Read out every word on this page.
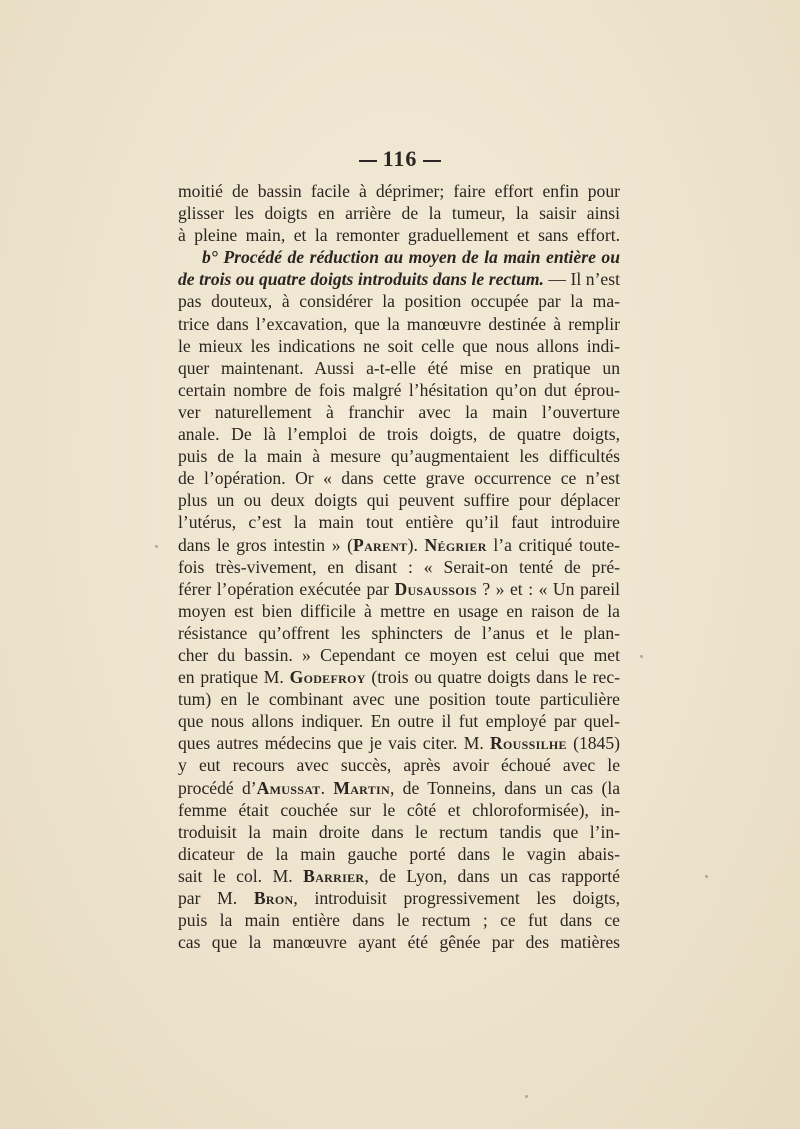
116
moitié de bassin facile à déprimer; faire effort enfin pour
glisser les doigts en arrière de la tumeur, la saisir ainsi
à pleine main, et la remonter graduellement et sans effort.
b° Procédé de réduction au moyen de la main entière ou
de trois ou quatre doigts introduits dans le rectum. — Il n’est
pas douteux, à considérer la position occupée par la ma-
trice dans l’excavation, que la manœuvre destinée à remplir
le mieux les indications ne soit celle que nous allons indi-
quer maintenant. Aussi a-t-elle été mise en pratique un
certain nombre de fois malgré l’hésitation qu’on dut éprou-
ver naturellement à franchir avec la main l’ouverture
anale. De là l’emploi de trois doigts, de quatre doigts,
puis de la main à mesure qu’augmentaient les difficultés
de l’opération. Or « dans cette grave occurrence ce n’est
plus un ou deux doigts qui peuvent suffire pour déplacer
l’utérus, c’est la main tout entière qu’il faut introduire
dans le gros intestin » (Parent). Négrier l’a critiqué toute-
fois très-vivement, en disant : « Serait-on tenté de pré-
férer l’opération exécutée par Dusaussois ? » et : « Un pareil
moyen est bien difficile à mettre en usage en raison de la
résistance qu’offrent les sphincters de l’anus et le plan-
cher du bassin. » Cependant ce moyen est celui que met
en pratique M. Godefroy (trois ou quatre doigts dans le rec-
tum) en le combinant avec une position toute particulière
que nous allons indiquer. En outre il fut employé par quel-
ques autres médecins que je vais citer. M. Roussilhe (1845)
y eut recours avec succès, après avoir échoué avec le
procédé d’Amussat. Martin, de Tonneins, dans un cas (la
femme était couchée sur le côté et chloroformisée), in-
troduisit la main droite dans le rectum tandis que l’in-
dicateur de la main gauche porté dans le vagin abais-
sait le col. M. Barrier, de Lyon, dans un cas rapporté
par M. Bron, introduisit progressivement les doigts,
puis la main entière dans le rectum ; ce fut dans ce
cas que la manœuvre ayant été gênée par des matières
